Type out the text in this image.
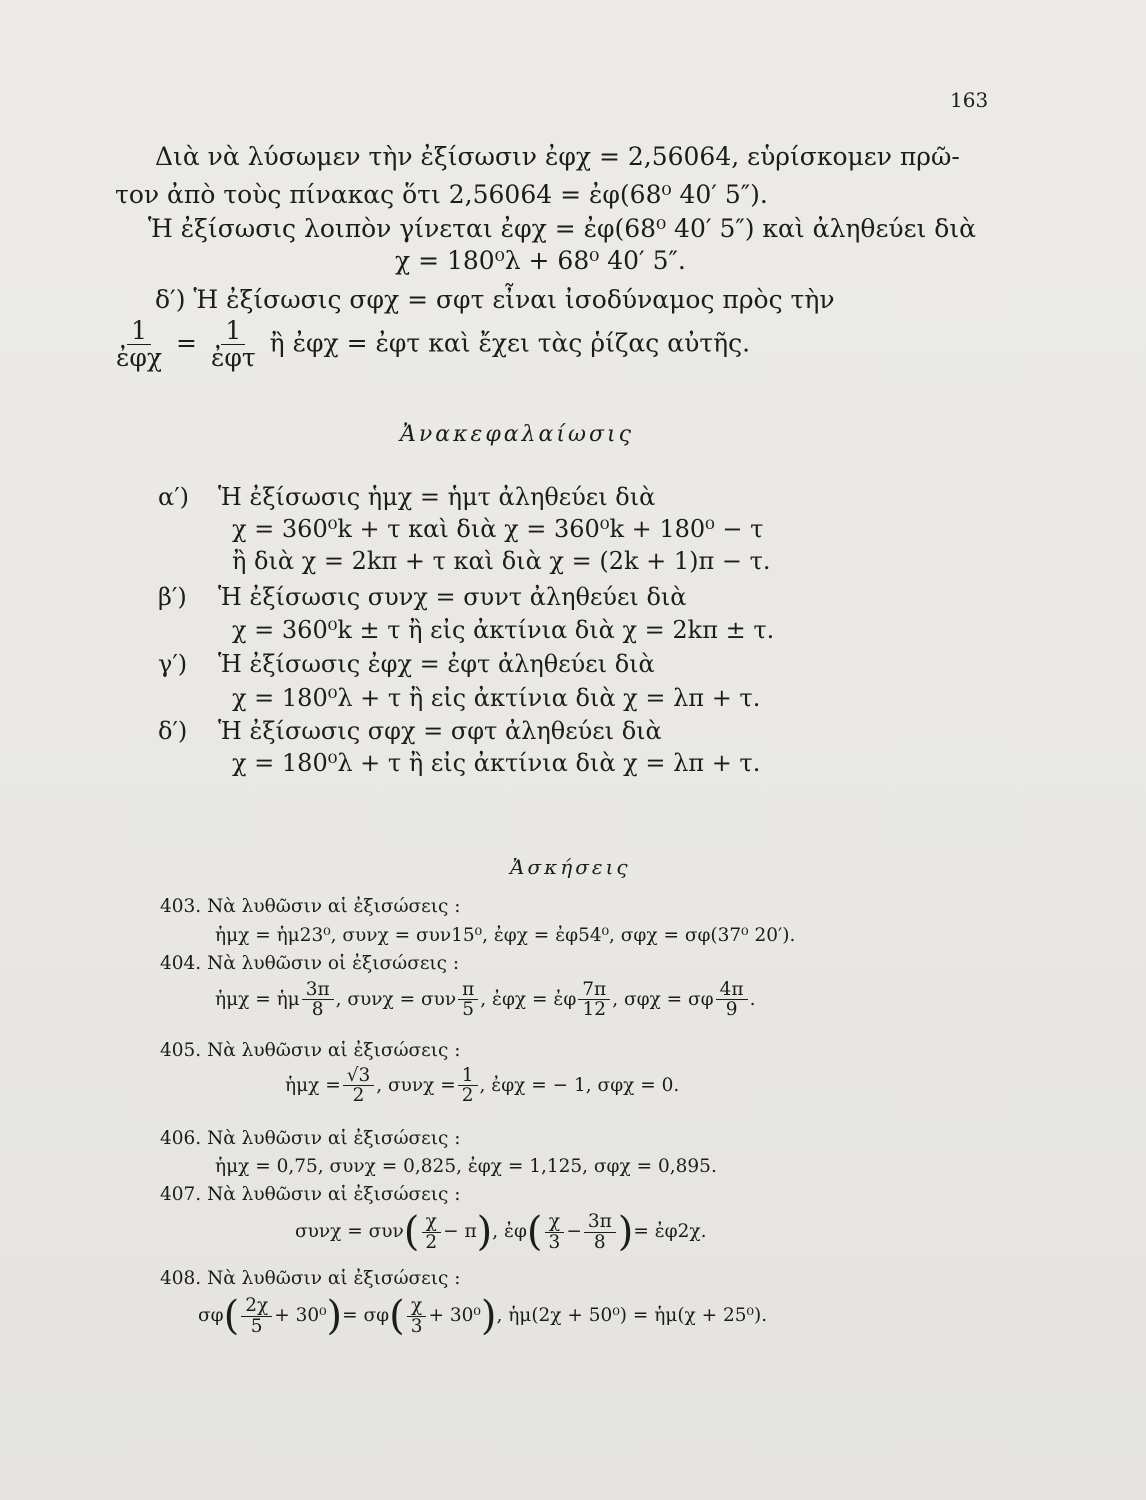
163
Διὰ νὰ λύσωμεν τὴν ἐξίσωσιν ἐφχ = 2,56064, εὑρίσκομεν πρῶ-
τον ἀπὸ τοὺς πίνακας ὅτι 2,56064 = ἐφ(68⁰ 40′ 5″).
Ἡ ἐξίσωσις λοιπὸν γίνεται ἐφχ = ἐφ(68⁰ 40′ 5″) καὶ ἀληθεύει διὰ
χ = 180⁰λ + 68⁰ 40′ 5″.
δ′) Ἡ ἐξίσωσις σφχ = σφτ εἶναι ἰσοδύναμος πρὸς τὴν
$\frac{1}{\text{ἐφχ}} = \frac{1}{\text{ἐφτ}}$ ἢ ἐφχ = ἐφτ καὶ ἔχει τὰς ῥίζας αὐτῆς.
Ἀνακεφαλαίωσις
α′) Ἡ ἐξίσωσις ἡμχ = ἡμτ ἀληθεύει διὰ
χ = 360⁰k + τ καὶ διὰ χ = 360⁰k + 180⁰ − τ
ἢ διὰ χ = 2kπ + τ καὶ διὰ χ = (2k + 1)π − τ.
β′) Ἡ ἐξίσωσις συνχ = συντ ἀληθεύει διὰ
χ = 360⁰k ± τ ἢ εἰς ἀκτίνια διὰ χ = 2kπ ± τ.
γ′) Ἡ ἐξίσωσις ἐφχ = ἐφτ ἀληθεύει διὰ
χ = 180⁰λ + τ ἢ εἰς ἀκτίνια διὰ χ = λπ + τ.
δ′) Ἡ ἐξίσωσις σφχ = σφτ ἀληθεύει διὰ
χ = 180⁰λ + τ ἢ εἰς ἀκτίνια διὰ χ = λπ + τ.
Ἀσκήσεις
403. Νὰ λυθῶσιν αἱ ἐξισώσεις :
ἡμχ = ἡμ23⁰, συνχ = συν15⁰, ἐφχ = ἐφ54⁰, σφχ = σφ(37⁰ 20′).
404. Νὰ λυθῶσιν οἱ ἐξισώσεις :
ἡμχ = ἡμ $\frac{3\pi}{8}$ , συνχ = συν $\frac{\pi}{5}$ , ἐφχ = ἐφ $\frac{7\pi}{12}$ , σφχ = σφ $\frac{4\pi}{9}$ .
405. Νὰ λυθῶσιν αἱ ἐξισώσεις :
ἡμχ = $\frac{√3}{2}$ , $\sigma\upsilon\nu\chi = \frac{1}{2}$ , ἐφχ = − 1, σφχ = 0.
406. Νὰ λυθῶσιν αἱ ἐξισώσεις :
ἡμχ = 0,75, συνχ = 0,825, ἐφχ = 1,125, σφχ = 0,895.
407. Νὰ λυθῶσιν αἱ ἐξισώσεις :
$\sigma\upsilon\nu\chi = \sigma\upsilon\nu( \frac{\chi}{2} - \pi)$, ἐφ( $\frac{\chi}{3} - \frac{3\pi}{8}$ )= ἐφ2χ.
408. Νὰ λυθῶσιν αἱ ἐξισώσεις :
$\sigma\varphi( \frac{2\chi}{5} + 30^0)= \sigma\varphi( \frac{\chi}{3} + 30^0)$, ἡμ(2χ + 50⁰) = ἡμ(χ + 25⁰).
